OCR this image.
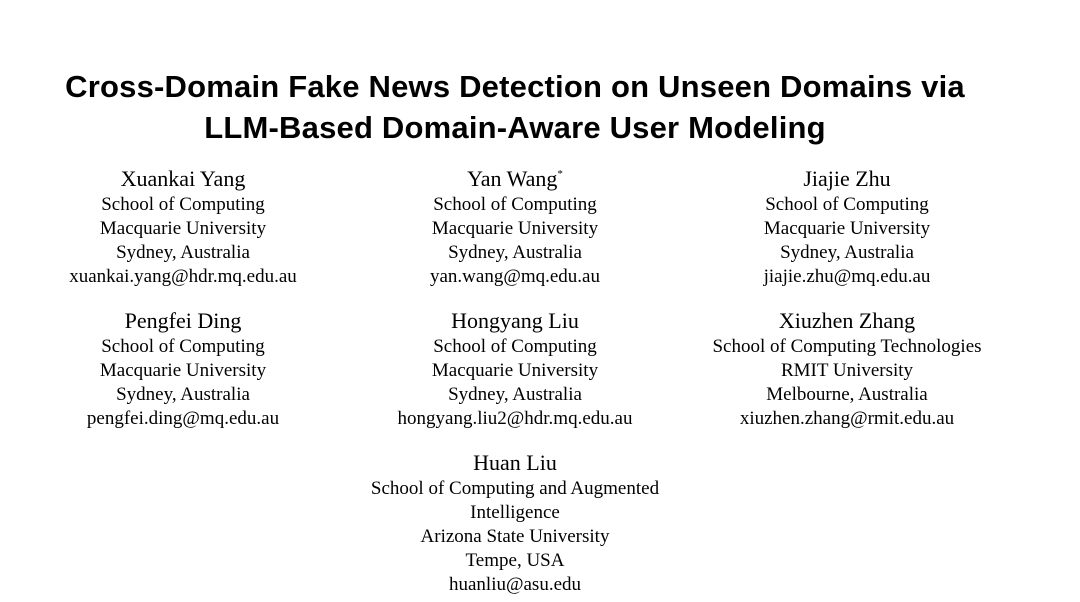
Cross-Domain Fake News Detection on Unseen Domains via
LLM-Based Domain-Aware User Modeling
Xuankai Yang
School of Computing
Macquarie University
Sydney, Australia
xuankai.yang@hdr.mq.edu.au
Yan Wang*
School of Computing
Macquarie University
Sydney, Australia
yan.wang@mq.edu.au
Jiajie Zhu
School of Computing
Macquarie University
Sydney, Australia
jiajie.zhu@mq.edu.au
Pengfei Ding
School of Computing
Macquarie University
Sydney, Australia
pengfei.ding@mq.edu.au
Hongyang Liu
School of Computing
Macquarie University
Sydney, Australia
hongyang.liu2@hdr.mq.edu.au
Xiuzhen Zhang
School of Computing Technologies
RMIT University
Melbourne, Australia
xiuzhen.zhang@rmit.edu.au
Huan Liu
School of Computing and Augmented
Intelligence
Arizona State University
Tempe, USA
huanliu@asu.edu
